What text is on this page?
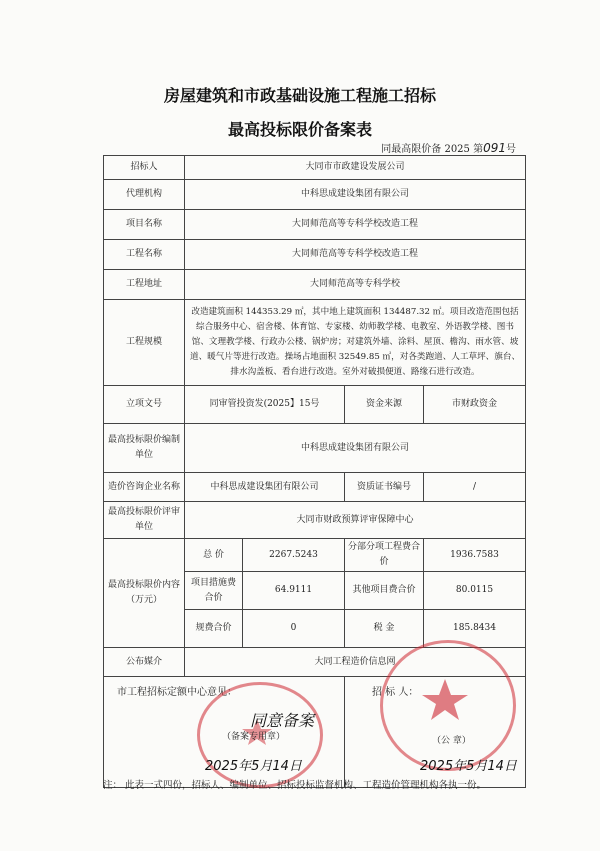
房屋建筑和市政基础设施工程施工招标
最高投标限价备案表
同最高限价备 2025 第091号
招标人	大同市市政建设发展公司			
代理机构	中科思成建设集团有限公司			
项目名称	大同师范高等专科学校改造工程			
工程名称	大同师范高等专科学校改造工程			
工程地址	大同师范高等专科学校			
工程规模	改造建筑面积 144353.29 ㎡，其中地上建筑面积 134487.32 ㎡。项目改造范围包括综合服务中心、宿舍楼、体育馆、专家楼、幼师教学楼、电教室、外语教学楼、图书馆、文理教学楼、行政办公楼、锅炉房；对建筑外墙、涂料、屋顶、檐沟、雨水管、坡道、暖气片等进行改造。操场占地面积 32549.85 ㎡，对各类跑道、人工草坪、旗台、排水沟盖板、看台进行改造。室外对破损便道、路缘石进行改造。			
立项文号	同审管投资发(2025】15号		资金来源	市财政资金
最高投标限价编制单位	中科思成建设集团有限公司			
造价咨询企业名称	中科思成建设集团有限公司		资质证书编号	/
最高投标限价评审单位	大同市财政预算评审保障中心			
最高投标限价内容（万元）	总 价	2267.5243	分部分项工程费合价	1936.7583
	项目措施费合价	64.9111	其他项目费合价	80.0115
	规费合价	0	税 金	185.8434
公布媒介	大同工程造价信息网			

市工程招标定额中心意见：	招 标 人：
同意备案
（备案专用章）
2025年5月14日
（公 章）
2025年5月14日
注： 此表一式四份，招标人、编制单位、招标投标监督机构、工程造价管理机构各执一份。
